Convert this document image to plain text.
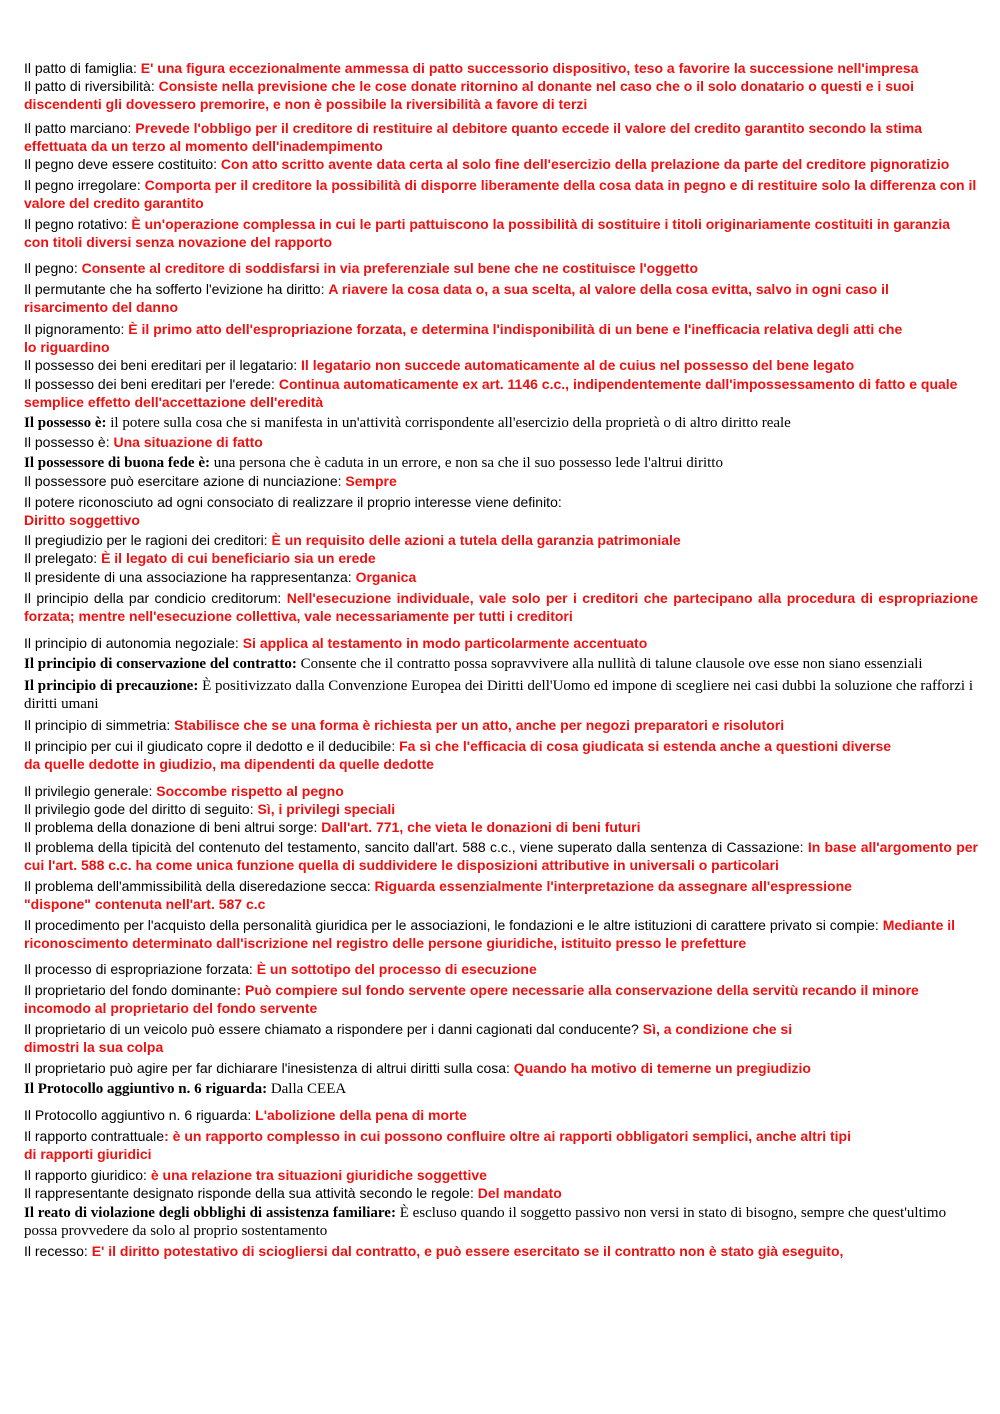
Il patto di famiglia: E' una figura eccezionalmente ammessa di patto successorio dispositivo, teso a favorire la successione nell'impresa

Il patto di riversibilità: Consiste nella previsione che le cose donate ritornino al donante nel caso che o il solo donatario o questi e i suoi discendenti gli dovessero premorire, e non è possibile la riversibilità a favore di terzi

Il patto marciano: Prevede l'obbligo per il creditore di restituire al debitore quanto eccede il valore del credito garantito secondo la stima effettuata da un terzo al momento dell'inadempimento

Il pegno deve essere costituito: Con atto scritto avente data certa al solo fine dell'esercizio della prelazione da parte del creditore pignoratizio

Il pegno irregolare: Comporta per il creditore la possibilità di disporre liberamente della cosa data in pegno e di restituire solo la differenza con il valore del credito garantito

Il pegno rotativo: È un'operazione complessa in cui le parti pattuiscono la possibilità di sostituire i titoli originariamente costituiti in garanzia con titoli diversi senza novazione del rapporto

Il pegno: Consente al creditore di soddisfarsi in via preferenziale sul bene che ne costituisce l'oggetto

Il permutante che ha sofferto l'evizione ha diritto: A riavere la cosa data o, a sua scelta, al valore della cosa evitta, salvo in ogni caso il risarcimento del danno

Il pignoramento: È il primo atto dell'espropriazione forzata, e determina l'indisponibilità di un bene e l'inefficacia relativa degli atti che lo riguardino

Il possesso dei beni ereditari per il legatario: Il legatario non succede automaticamente al de cuius nel possesso del bene legato

Il possesso dei beni ereditari per l'erede: Continua automaticamente ex art. 1146 c.c., indipendentemente dall'impossessamento di fatto e quale semplice effetto dell'accettazione dell'eredità

Il possesso è: il potere sulla cosa che si manifesta in un'attività corrispondente all'esercizio della proprietà o di altro diritto reale

Il possesso è: Una situazione di fatto

Il possessore di buona fede è: una persona che è caduta in un errore, e non sa che il suo possesso lede l'altrui diritto

Il possessore può esercitare azione di nunciazione: Sempre

Il potere riconosciuto ad ogni consociato di realizzare il proprio interesse viene definito: Diritto soggettivo

Il pregiudizio per le ragioni dei creditori: È un requisito delle azioni a tutela della garanzia patrimoniale

Il prelegato: È il legato di cui beneficiario sia un erede

Il presidente di una associazione ha rappresentanza: Organica

Il principio della par condicio creditorum: Nell'esecuzione individuale, vale solo per i creditori che partecipano alla procedura di espropriazione forzata; mentre nell'esecuzione collettiva, vale necessariamente per tutti i creditori

Il principio di autonomia negoziale: Si applica al testamento in modo particolarmente accentuato

Il principio di conservazione del contratto: Consente che il contratto possa sopravvivere alla nullità di talune clausole ove esse non siano essenziali

Il principio di precauzione: È positivizzato dalla Convenzione Europea dei Diritti dell'Uomo ed impone di scegliere nei casi dubbi la soluzione che rafforzi i diritti umani

Il principio di simmetria: Stabilisce che se una forma è richiesta per un atto, anche per negozi preparatori e risolutori

Il principio per cui il giudicato copre il dedotto e il deducibile: Fa sì che l'efficacia di cosa giudicata si estenda anche a questioni diverse da quelle dedotte in giudizio, ma dipendenti da quelle dedotte

Il privilegio generale: Soccombe rispetto al pegno

Il privilegio gode del diritto di seguito: Sì, i privilegi speciali

Il problema della donazione di beni altrui sorge: Dall'art. 771, che vieta le donazioni di beni futuri

Il problema della tipicità del contenuto del testamento, sancito dall'art. 588 c.c., viene superato dalla sentenza di Cassazione: In base all'argomento per cui l'art. 588 c.c. ha come unica funzione quella di suddividere le disposizioni attributive in universali o particolari

Il problema dell'ammissibilità della diseredazione secca: Riguarda essenzialmente l'interpretazione da assegnare all'espressione "dispone" contenuta nell'art. 587 c.c

Il procedimento per l'acquisto della personalità giuridica per le associazioni, le fondazioni e le altre istituzioni di carattere privato si compie: Mediante il riconoscimento determinato dall'iscrizione nel registro delle persone giuridiche, istituito presso le prefetture

Il processo di espropriazione forzata: È un sottotipo del processo di esecuzione

Il proprietario del fondo dominante: Può compiere sul fondo servente opere necessarie alla conservazione della servitù recando il minore incomodo al proprietario del fondo servente

Il proprietario di un veicolo può essere chiamato a rispondere per i danni cagionati dal conducente? Sì, a condizione che si dimostri la sua colpa

Il proprietario può agire per far dichiarare l'inesistenza di altrui diritti sulla cosa: Quando ha motivo di temerne un pregiudizio

Il Protocollo aggiuntivo n. 6 riguarda: Dalla CEEA

Il Protocollo aggiuntivo n. 6 riguarda: L'abolizione della pena di morte

Il rapporto contrattuale: è un rapporto complesso in cui possono confluire oltre ai rapporti obbligatori semplici, anche altri tipi di rapporti giuridici

Il rapporto giuridico: è una relazione tra situazioni giuridiche soggettive

Il rappresentante designato risponde della sua attività secondo le regole: Del mandato

Il reato di violazione degli obblighi di assistenza familiare: È escluso quando il soggetto passivo non versi in stato di bisogno, sempre che quest'ultimo possa provvedere da solo al proprio sostentamento

Il recesso: E' il diritto potestativo di sciogliersi dal contratto, e può essere esercitato se il contratto non è stato già eseguito,
